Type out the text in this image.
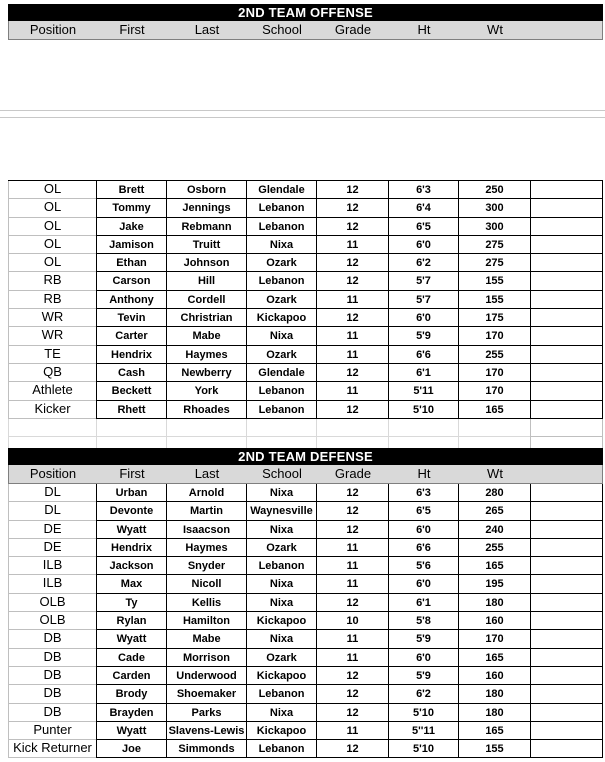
2ND TEAM OFFENSE
Position	First	Last	School	Grade	Ht	Wt
OL	Brett	Osborn	Glendale	12	6'3	250
OL	Tommy	Jennings	Lebanon	12	6'4	300
OL	Jake	Rebmann	Lebanon	12	6'5	300
OL	Jamison	Truitt	Nixa	11	6'0	275
OL	Ethan	Johnson	Ozark	12	6'2	275
RB	Carson	Hill	Lebanon	12	5'7	155
RB	Anthony	Cordell	Ozark	11	5'7	155
WR	Tevin	Christrian	Kickapoo	12	6'0	175
WR	Carter	Mabe	Nixa	11	5'9	170
TE	Hendrix	Haymes	Ozark	11	6'6	255
QB	Cash	Newberry	Glendale	12	6'1	170
Athlete	Beckett	York	Lebanon	11	5'11	170
Kicker	Rhett	Rhoades	Lebanon	12	5'10	165
2ND TEAM DEFENSE
Position	First	Last	School	Grade	Ht	Wt
DL	Urban	Arnold	Nixa	12	6'3	280
DL	Devonte	Martin	Waynesville	12	6'5	265
DE	Wyatt	Isaacson	Nixa	12	6'0	240
DE	Hendrix	Haymes	Ozark	11	6'6	255
ILB	Jackson	Snyder	Lebanon	11	5'6	165
ILB	Max	Nicoll	Nixa	11	6'0	195
OLB	Ty	Kellis	Nixa	12	6'1	180
OLB	Rylan	Hamilton	Kickapoo	10	5'8	160
DB	Wyatt	Mabe	Nixa	11	5'9	170
DB	Cade	Morrison	Ozark	11	6'0	165
DB	Carden	Underwood	Kickapoo	12	5'9	160
DB	Brody	Shoemaker	Lebanon	12	6'2	180
DB	Brayden	Parks	Nixa	12	5'10	180
Punter	Wyatt	Slavens-Lewis	Kickapoo	11	5''11	165
Kick Returner	Joe	Simmonds	Lebanon	12	5'10	155
